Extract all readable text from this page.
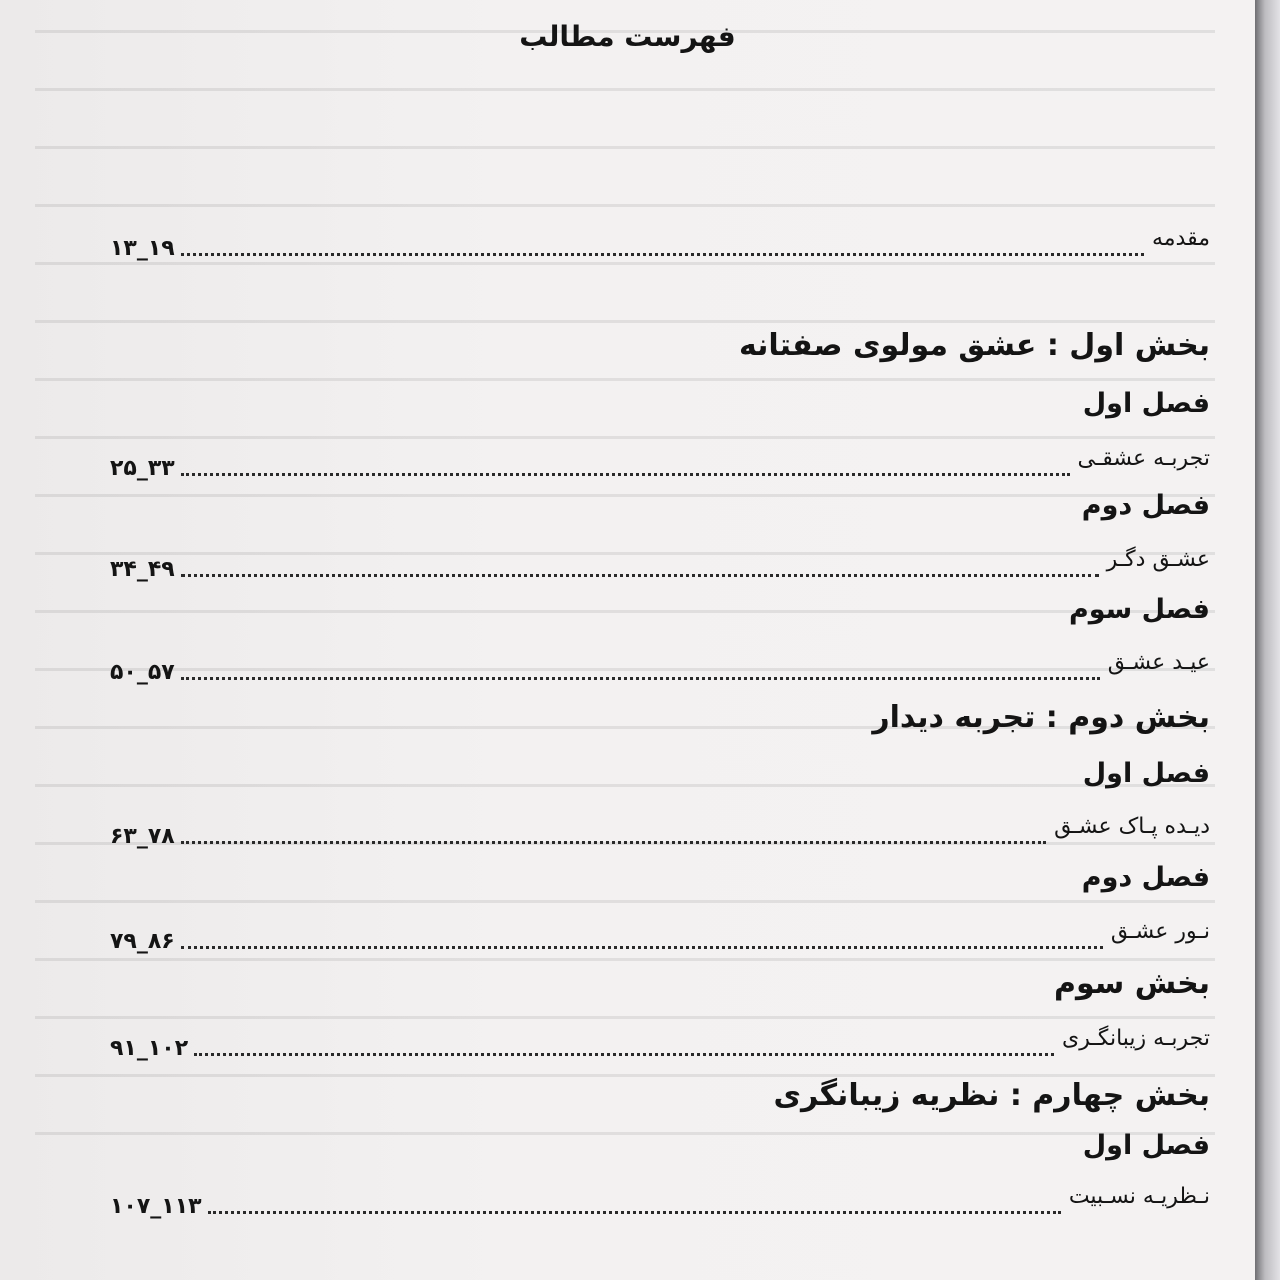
فهرست مطالب
مقدمه
۱۳_۱۹
بخش اول : عشق مولوی صفتانه
فصل اول
تجربـه عشقـی
۲۵_۳۳
فصل دوم
عشـق دگـر
۳۴_۴۹
فصل سوم
عیـد عشـق
۵۰_۵۷
بخش دوم : تجربه دیدار
فصل اول
دیـده پـاک عشـق
۶۳_۷۸
فصل دوم
نـور عشـق
۷۹_۸۶
بخش سوم
تجربـه زیبانگـری
۹۱_۱۰۲
بخش چهارم : نظریه زیبانگری
فصل اول
نـظریـه نسـبیت
۱۰۷_۱۱۳
